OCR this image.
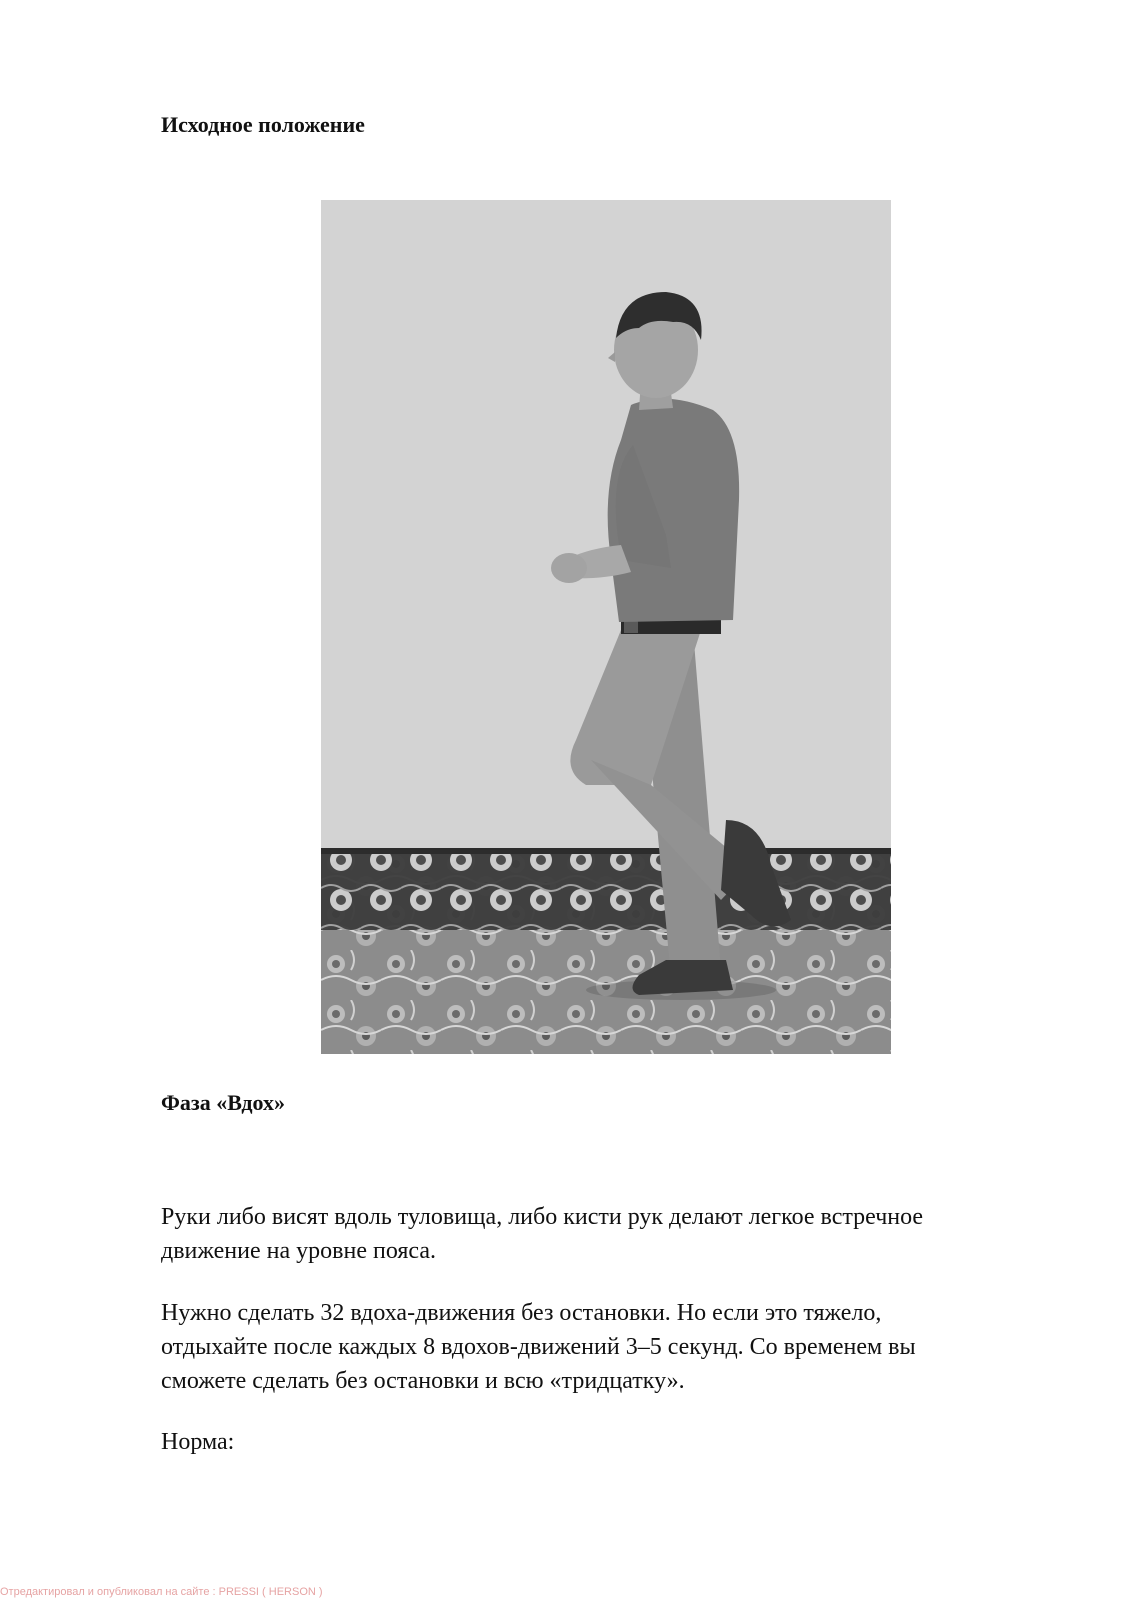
Исходное положение
Фаза «Вдох»

Руки либо висят вдоль туловища, либо кисти рук делают легкое встречное движение на уровне пояса.

Нужно сделать 32 вдоха-движения без остановки. Но если это тяжело, отдыхайте после каждых 8 вдохов-движений 3–5 секунд. Со временем вы сможете сделать без остановки и всю «тридцатку».

Норма:

Отредактировал и опубликовал на сайте : PRESSI ( HERSON )
